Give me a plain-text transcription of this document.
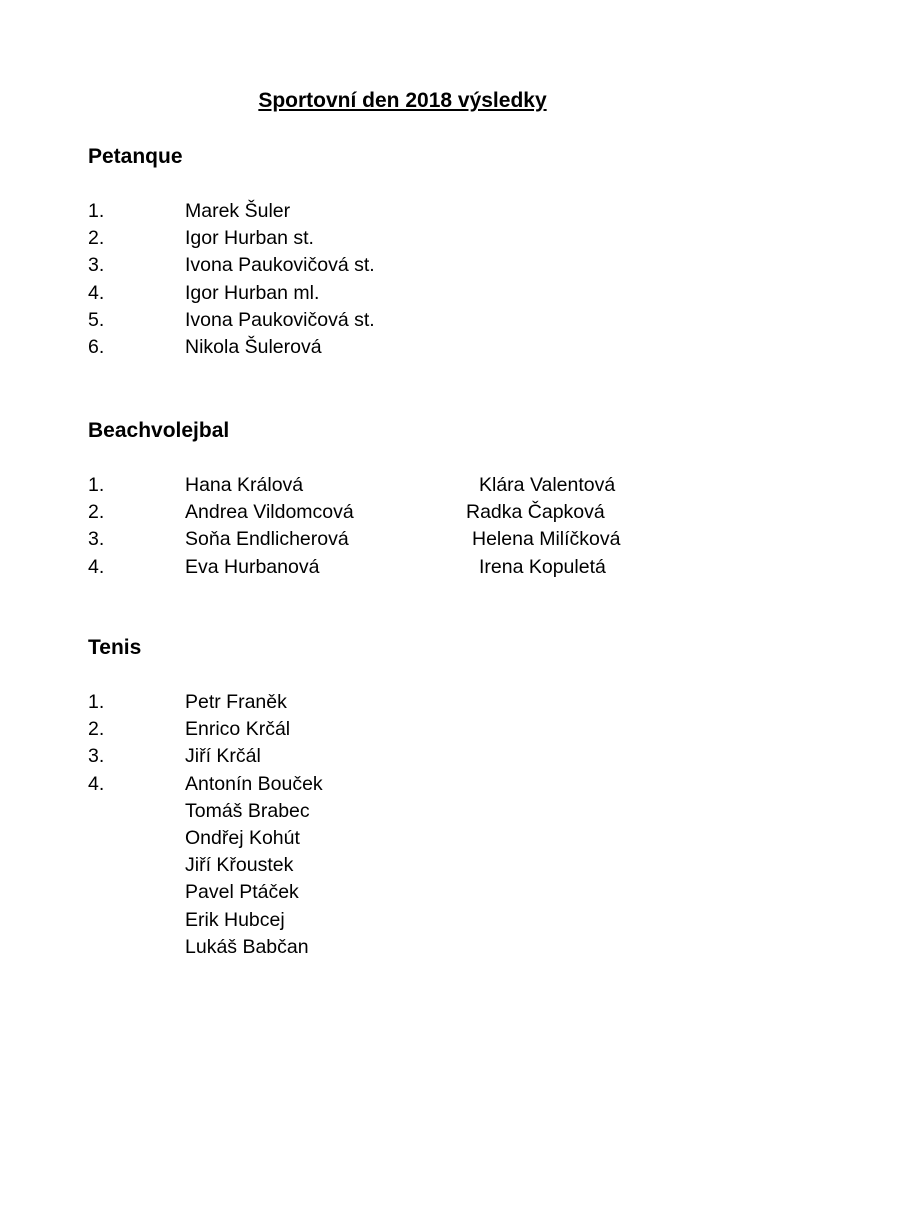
Sportovní den 2018 výsledky
Petanque
1.	Marek Šuler
2.	Igor Hurban st.
3.	Ivona Paukovičová st.
4.	Igor Hurban ml.
5.	Ivona Paukovičová st.
6.	Nikola Šulerová
Beachvolejbal
1.	Hana Králová	Klára Valentová
2.	Andrea Vildomcová	Radka Čapková
3.	Soňa Endlicherová	Helena Milíčková
4.	Eva Hurbanová	Irena Kopuletá
Tenis
1.	Petr Franěk
2.	Enrico Krčál
3.	Jiří Krčál
4.	Antonín Bouček
Tomáš Brabec
Ondřej Kohút
Jiří Křoustek
Pavel Ptáček
Erik Hubcej
Lukáš Babčan
